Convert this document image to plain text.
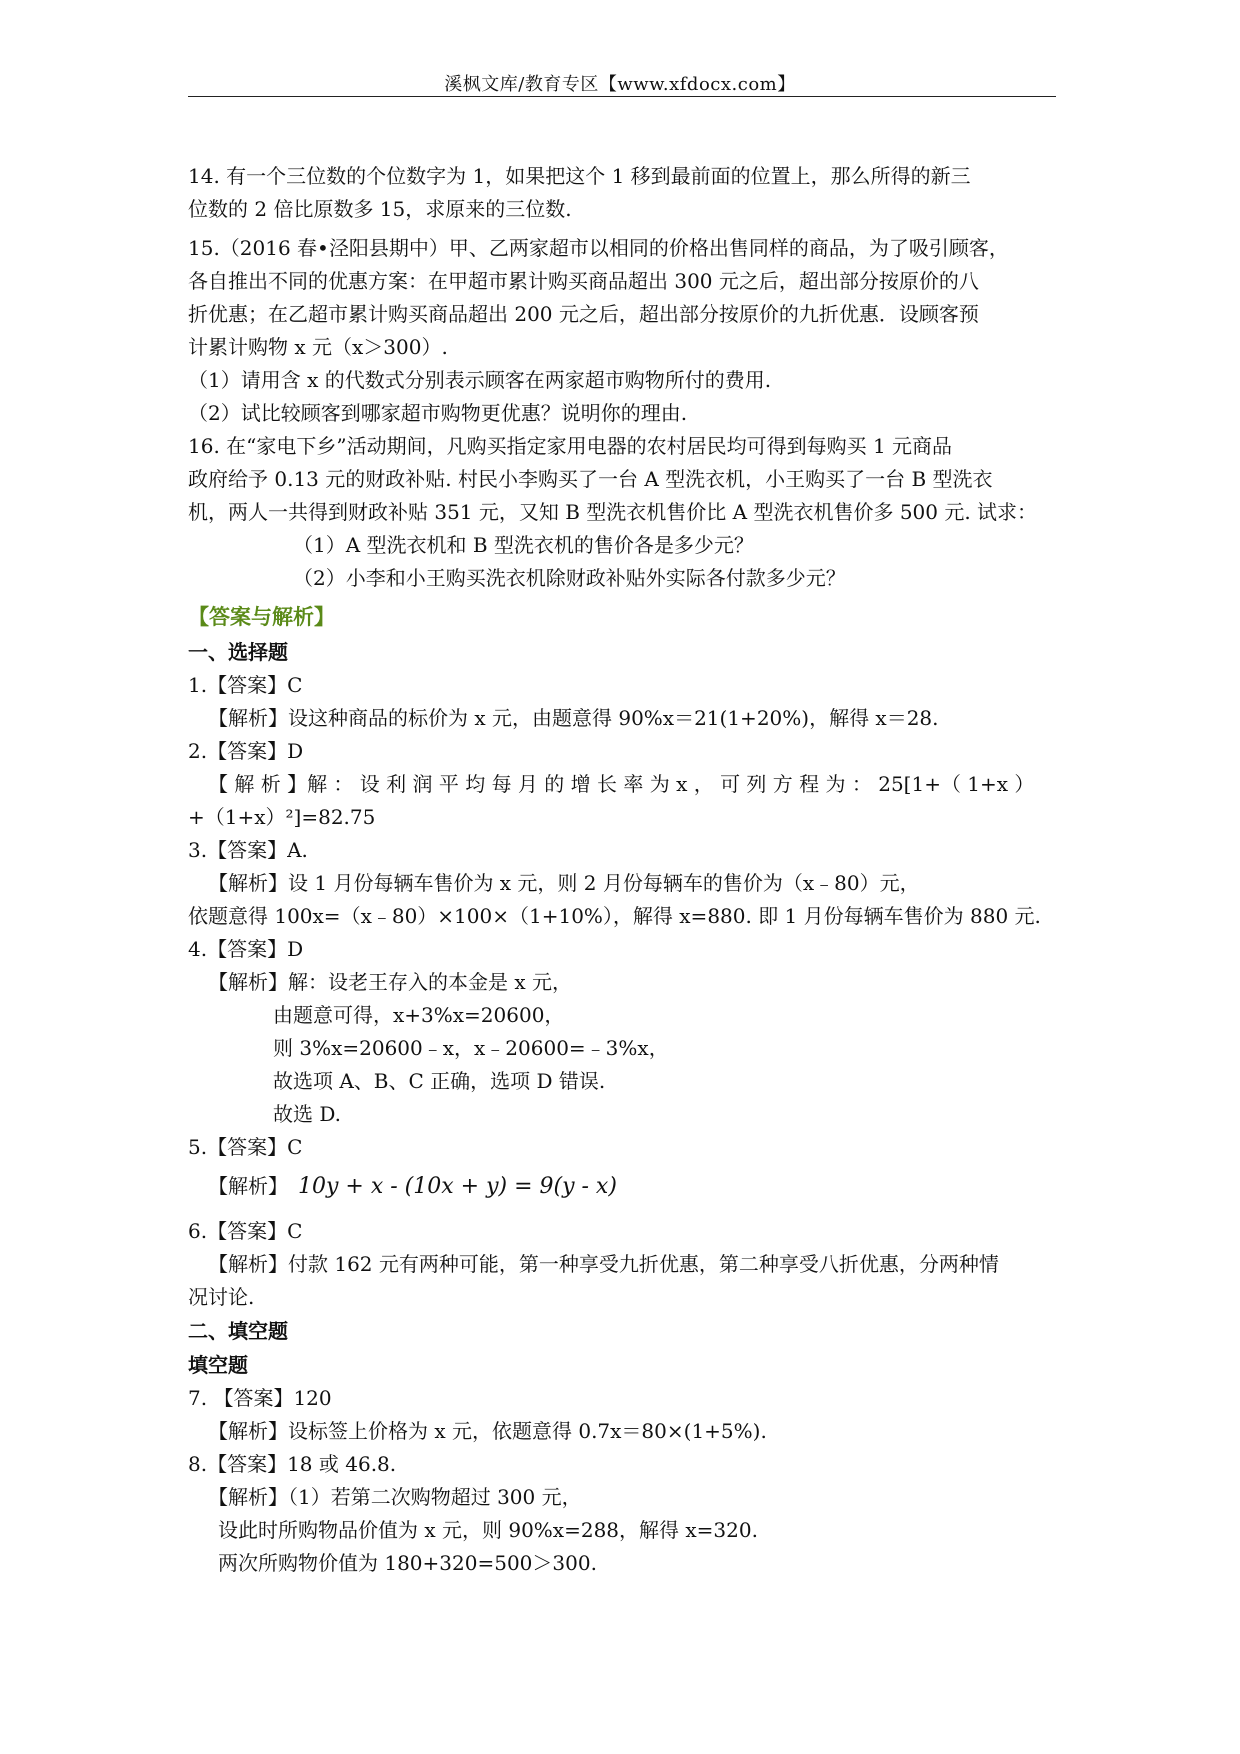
溪枫文库/教育专区【www.xfdocx.com】

14. 有一个三位数的个位数字为 1，如果把这个 1 移到最前面的位置上，那么所得的新三

位数的 2 倍比原数多 15，求原来的三位数.

15.（2016 春•泾阳县期中）甲、乙两家超市以相同的价格出售同样的商品，为了吸引顾客，

各自推出不同的优惠方案：在甲超市累计购买商品超出 300 元之后，超出部分按原价的八

折优惠；在乙超市累计购买商品超出 200 元之后，超出部分按原价的九折优惠．设顾客预

计累计购物 x 元（x＞300）.

（1）请用含 x 的代数式分别表示顾客在两家超市购物所付的费用.

（2）试比较顾客到哪家超市购物更优惠？说明你的理由.

16. 在“家电下乡”活动期间，凡购买指定家用电器的农村居民均可得到每购买 1 元商品

政府给予 0.13 元的财政补贴. 村民小李购买了一台 A 型洗衣机，小王购买了一台 B 型洗衣

机，两人一共得到财政补贴 351 元，又知 B 型洗衣机售价比 A 型洗衣机售价多 500 元. 试求：

（1）A 型洗衣机和 B 型洗衣机的售价各是多少元？

（2）小李和小王购买洗衣机除财政补贴外实际各付款多少元？

【答案与解析】
一、选择题

1.【答案】C

【解析】设这种商品的标价为 x 元，由题意得 90%x＝21(1+20%)，解得 x＝28.

2.【答案】D

【 解 析 】解 ： 设 利 润 平 均 每 月 的 增 长 率 为 x ， 可 列 方 程 为 ： 25[1+（ 1+x ）

+（1+x）²]=82.75

3.【答案】A.

【解析】设 1 月份每辆车售价为 x 元，则 2 月份每辆车的售价为（x﹣80）元，

依题意得 100x=（x﹣80）×100×（1+10%），解得 x=880. 即 1 月份每辆车售价为 880 元.

4.【答案】D

【解析】解：设老王存入的本金是 x 元，

由题意可得，x+3%x=20600，

则 3%x=20600﹣x，x﹣20600=﹣3%x，

故选项 A、B、C 正确，选项 D 错误.

故选 D.

5.【答案】C

【解析】 10y + x - (10x + y) = 9(y - x)

6.【答案】C

【解析】付款 162 元有两种可能，第一种享受九折优惠，第二种享受八折优惠，分两种情

况讨论.

二、填空题
填空题

7. 【答案】120

【解析】设标签上价格为 x 元，依题意得 0.7x＝80×(1+5%).

8.【答案】18 或 46.8.

【解析】（1）若第二次购物超过 300 元，

设此时所购物品价值为 x 元，则 90%x=288，解得 x=320.

两次所购物价值为 180+320=500＞300.
